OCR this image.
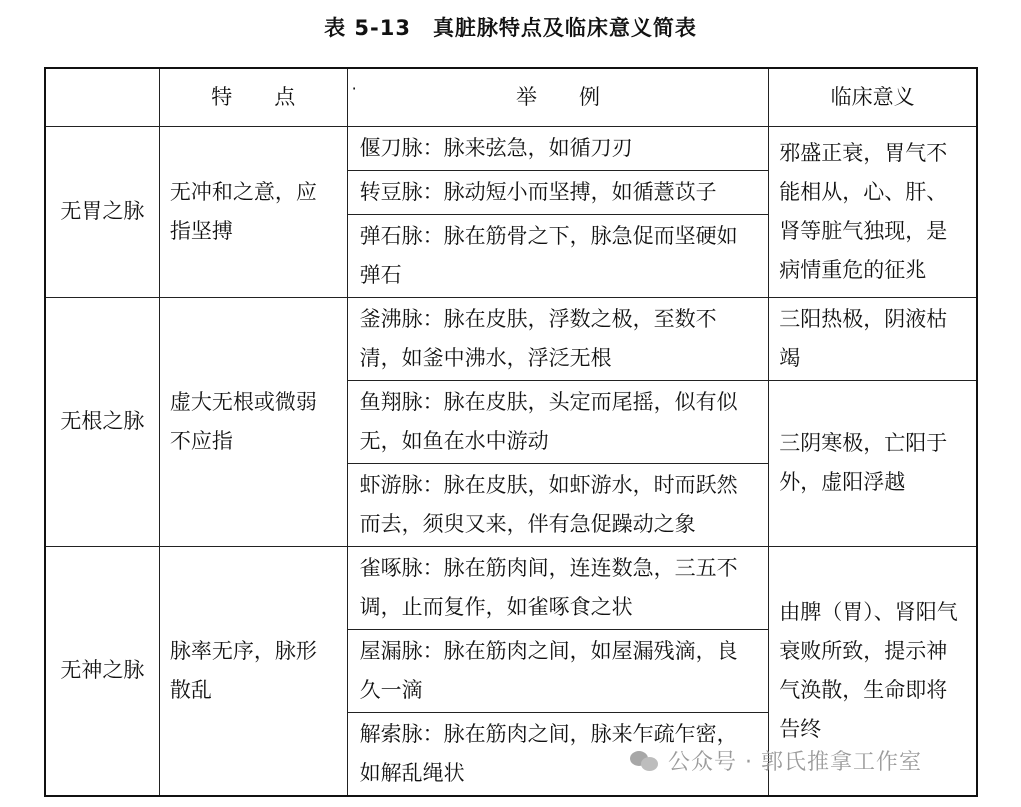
表 5-13 真脏脉特点及临床意义简表
	特　　点	· 举　　例	临床意义
无胃之脉	无冲和之意，应指坚搏	偃刀脉：脉来弦急，如循刀刃	邪盛正衰，胃气不能相从，心、肝、肾等脏气独现，是病情重危的征兆
		转豆脉：脉动短小而坚搏，如循薏苡子	
		弹石脉：脉在筋骨之下，脉急促而坚硬如弹石	
无根之脉	虚大无根或微弱不应指	釜沸脉：脉在皮肤，浮数之极，至数不清，如釜中沸水，浮泛无根	三阳热极，阴液枯竭
		鱼翔脉：脉在皮肤，头定而尾摇，似有似无，如鱼在水中游动	三阴寒极，亡阳于外，虚阳浮越
		虾游脉：脉在皮肤，如虾游水，时而跃然而去，须臾又来，伴有急促躁动之象	
无神之脉	脉率无序，脉形散乱	雀啄脉：脉在筋肉间，连连数急，三五不调，止而复作，如雀啄食之状	由脾（胃）、肾阳气衰败所致，提示神气涣散，生命即将告终
		屋漏脉：脉在筋肉之间，如屋漏残滴，良久一滴	
		解索脉：脉在筋肉之间，脉来乍疏乍密，如解乱绳状		公众号 · 郭氏推拿工作室
